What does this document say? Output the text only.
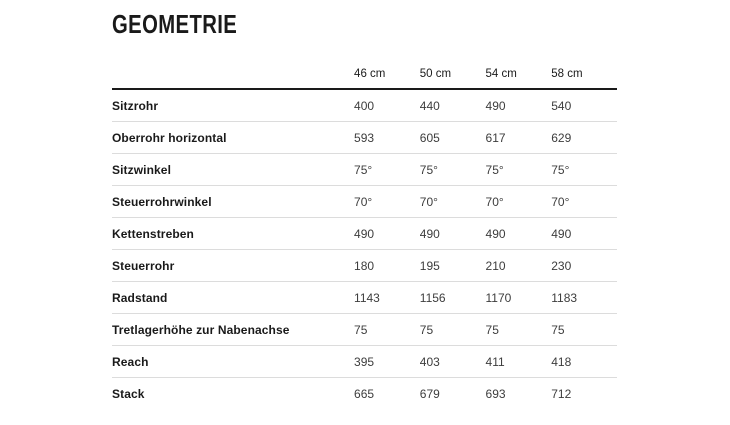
GEOMETRIE
46 cm	50 cm	54 cm	58 cm
Sitzrohr	400	440	490	540
Oberrohr horizontal	593	605	617	629
Sitzwinkel	75°	75°	75°	75°
Steuerrohrwinkel	70°	70°	70°	70°
Kettenstreben	490	490	490	490
Steuerrohr	180	195	210	230
Radstand	1143	1156	1170	1183
Tretlagerhöhe zur Nabenachse	75	75	75	75
Reach	395	403	411	418
Stack	665	679	693	712
